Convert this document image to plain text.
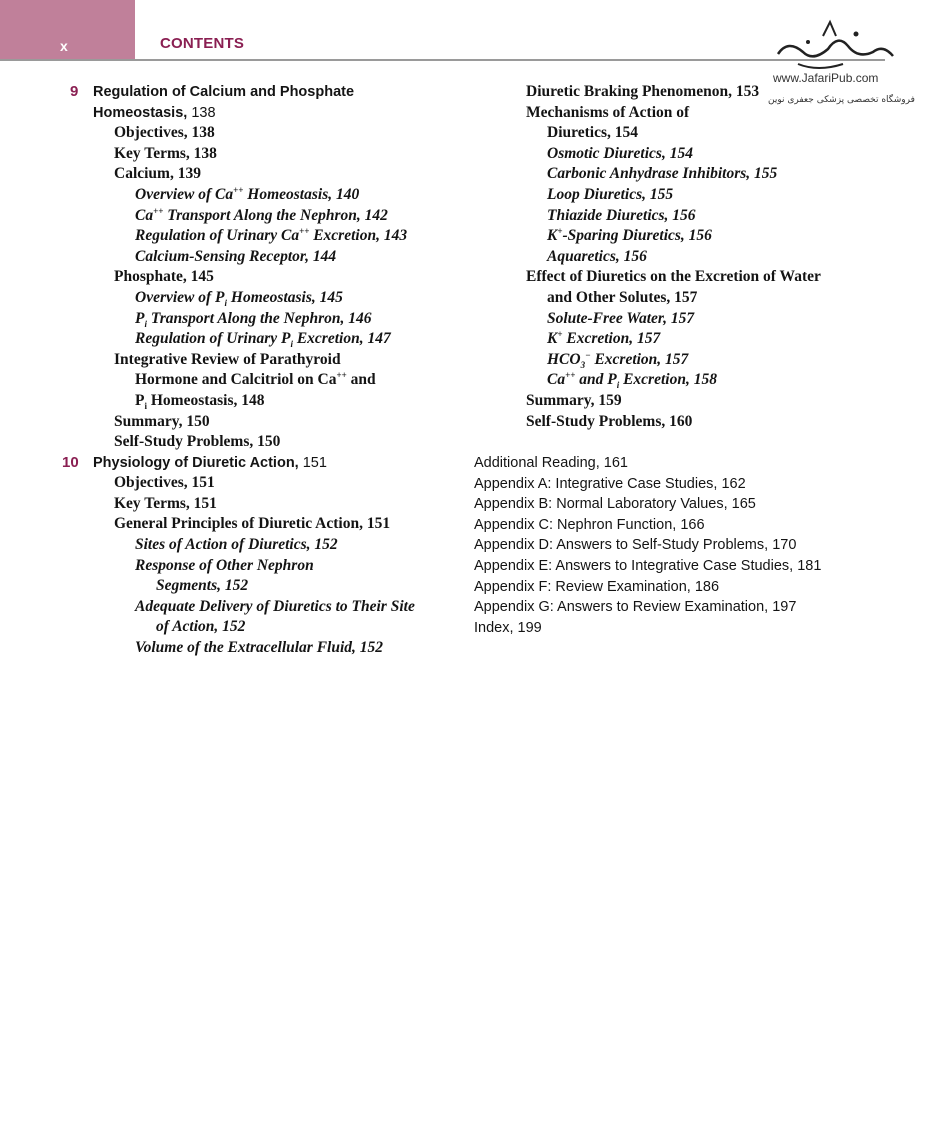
x	CONTENTS
www.JafariPub.com
فروشگاه تخصصی پزشکی جعفری نوین
9 Regulation of Calcium and Phosphate
Homeostasis, 138
Objectives, 138
Key Terms, 138
Calcium, 139
Overview of Ca++ Homeostasis, 140
Ca++ Transport Along the Nephron, 142
Regulation of Urinary Ca++ Excretion, 143
Calcium-Sensing Receptor, 144
Phosphate, 145
Overview of $P_i$ Homeostasis, 145
$P_i$ Transport Along the Nephron, 146
Regulation of Urinary $P_i$ Excretion, 147
Integrative Review of Parathyroid
Hormone and Calcitriol on Ca++ and
$P_i$ Homeostasis, 148
Summary, 150
Self-Study Problems, 150
10 Physiology of Diuretic Action, 151
Objectives, 151
Key Terms, 151
General Principles of Diuretic Action, 151
Sites of Action of Diuretics, 152
Response of Other Nephron
Segments, 152
Adequate Delivery of Diuretics to Their Site
of Action, 152
Volume of the Extracellular Fluid, 152
Diuretic Braking Phenomenon, 153
Mechanisms of Action of
Diuretics, 154
Osmotic Diuretics, 154
Carbonic Anhydrase Inhibitors, 155
Loop Diuretics, 155
Thiazide Diuretics, 156
K+-Sparing Diuretics, 156
Aquaretics, 156
Effect of Diuretics on the Excretion of Water
and Other Solutes, 157
Solute-Free Water, 157
K+ Excretion, 157
$HCO_3^-$ Excretion, 157
Ca++ and $P_i$ Excretion, 158
Summary, 159
Self-Study Problems, 160
Additional Reading, 161
Appendix A: Integrative Case Studies, 162
Appendix B: Normal Laboratory Values, 165
Appendix C: Nephron Function, 166
Appendix D: Answers to Self-Study Problems, 170
Appendix E: Answers to Integrative Case Studies, 181
Appendix F: Review Examination, 186
Appendix G: Answers to Review Examination, 197
Index, 199
